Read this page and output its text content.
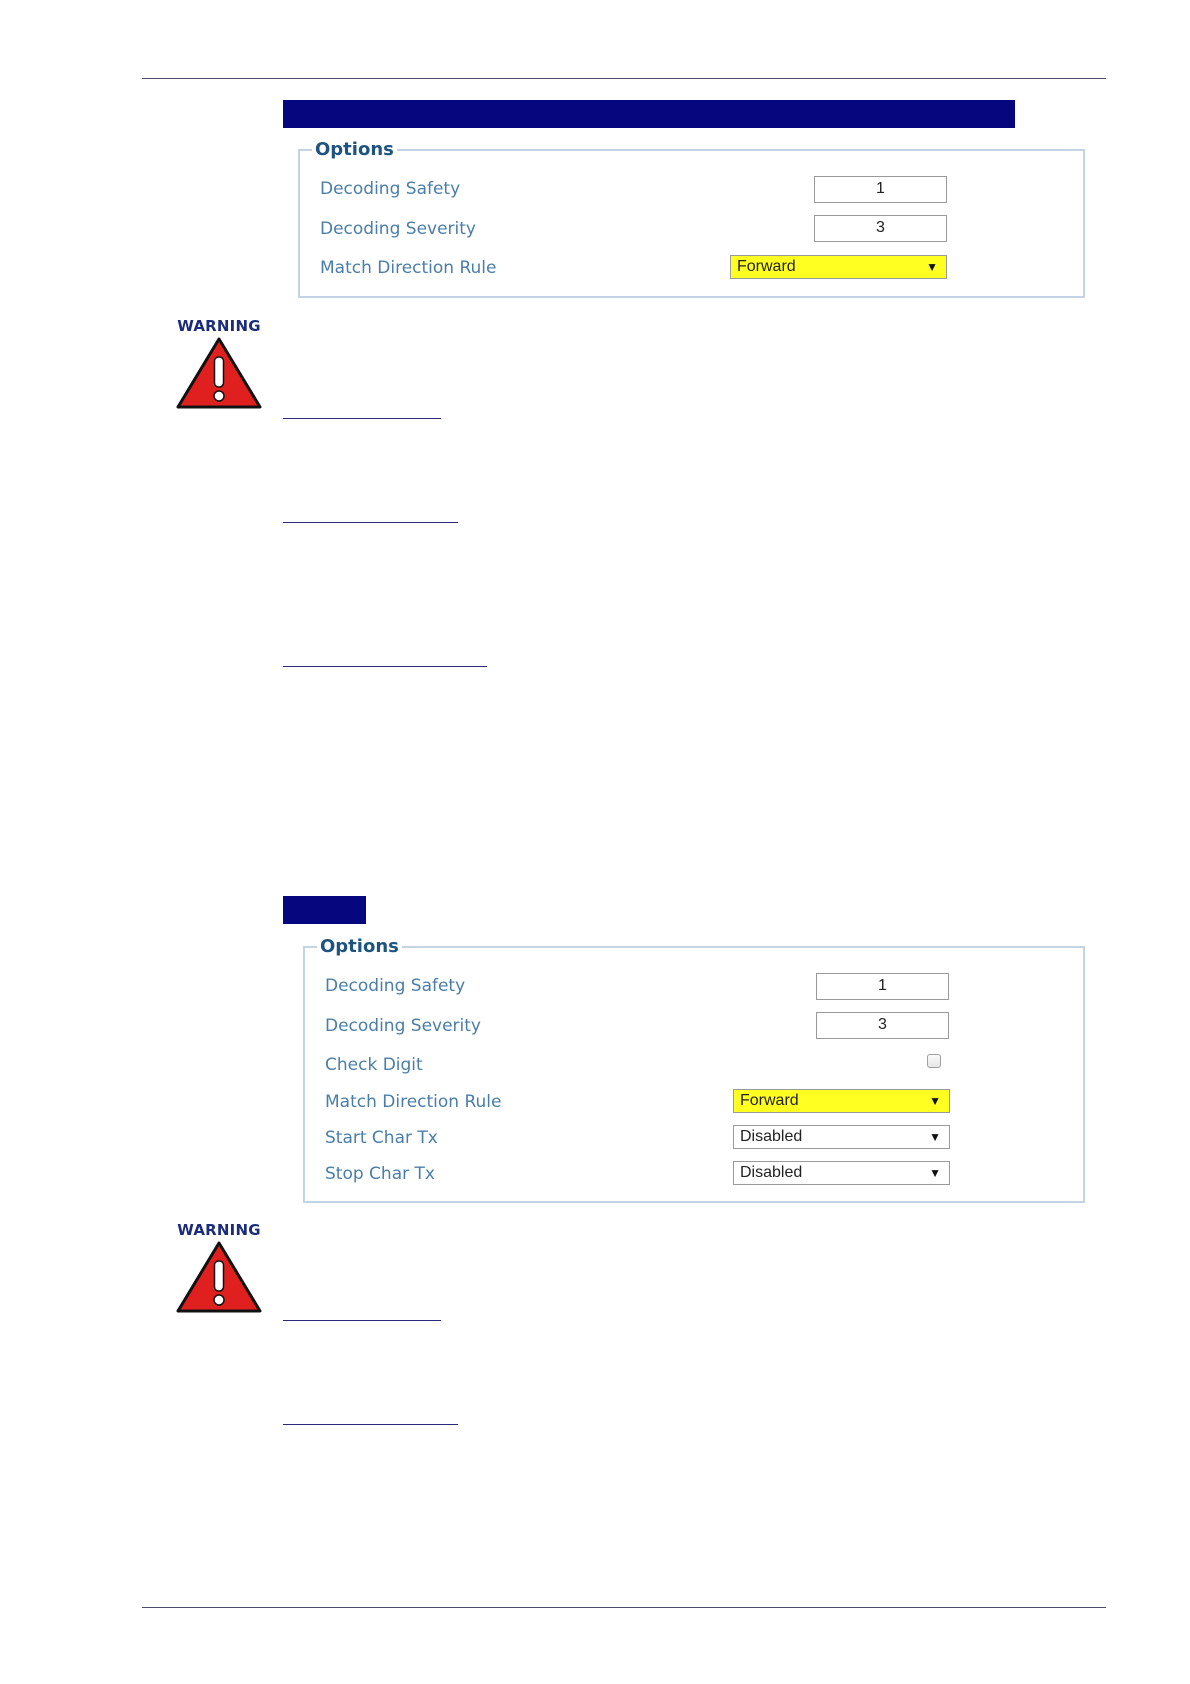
Options
Decoding Safety	1
Decoding Severity	3
Match Direction Rule	Forward	▼
WARNING
Options
Decoding Safety	1
Decoding Severity	3
Check Digit
Match Direction Rule	Forward	▼
Start Char Tx	Disabled	▼
Stop Char Tx	Disabled	▼
WARNING
